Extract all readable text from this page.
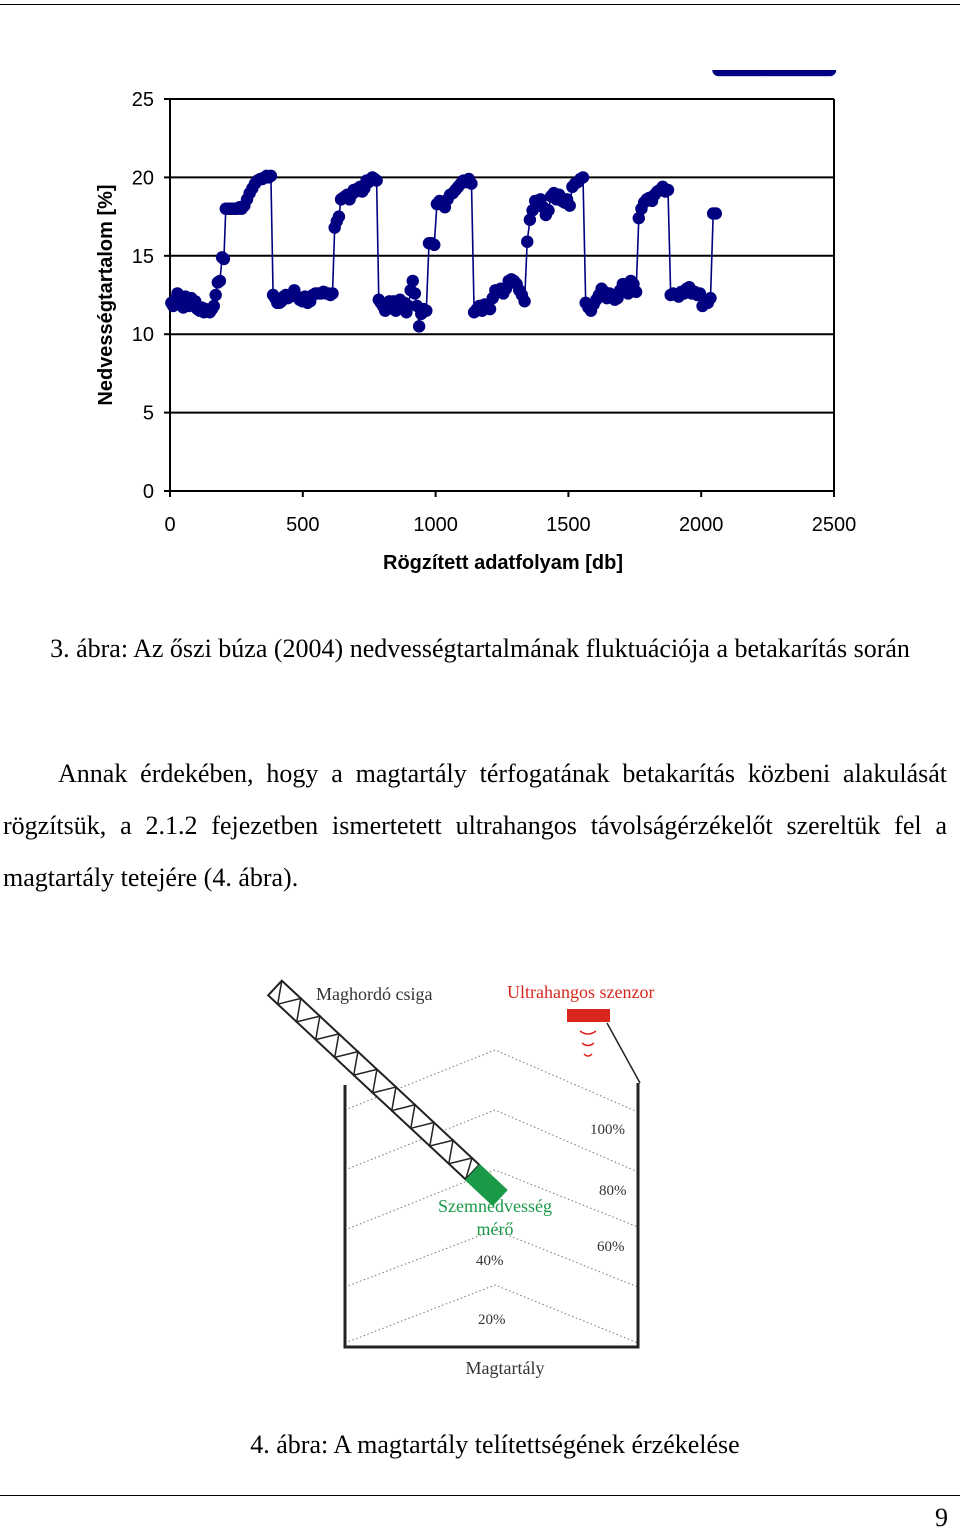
0
5
10
15
20
25
0	500	1000	1500	2000	2500
Rögzített adatfolyam [db]
Nedvességtartalom [%]
3. ábra: Az őszi búza (2004) nedvességtartalmának fluktuációja a betakarítás során

Annak érdekében, hogy a magtartály térfogatának betakarítás közbeni alakulását rögzítsük, a 2.1.2 fejezetben ismertetett ultrahangos távolságérzékelőt szereltük fel a magtartály tetejére (4. ábra).

Maghordó csiga	Ultrahangos szenzor
100%
80%
60%
40%
20%
Szemnedvesség
mérő
Magtartály
4. ábra: A magtartály telítettségének érzékelése
9
